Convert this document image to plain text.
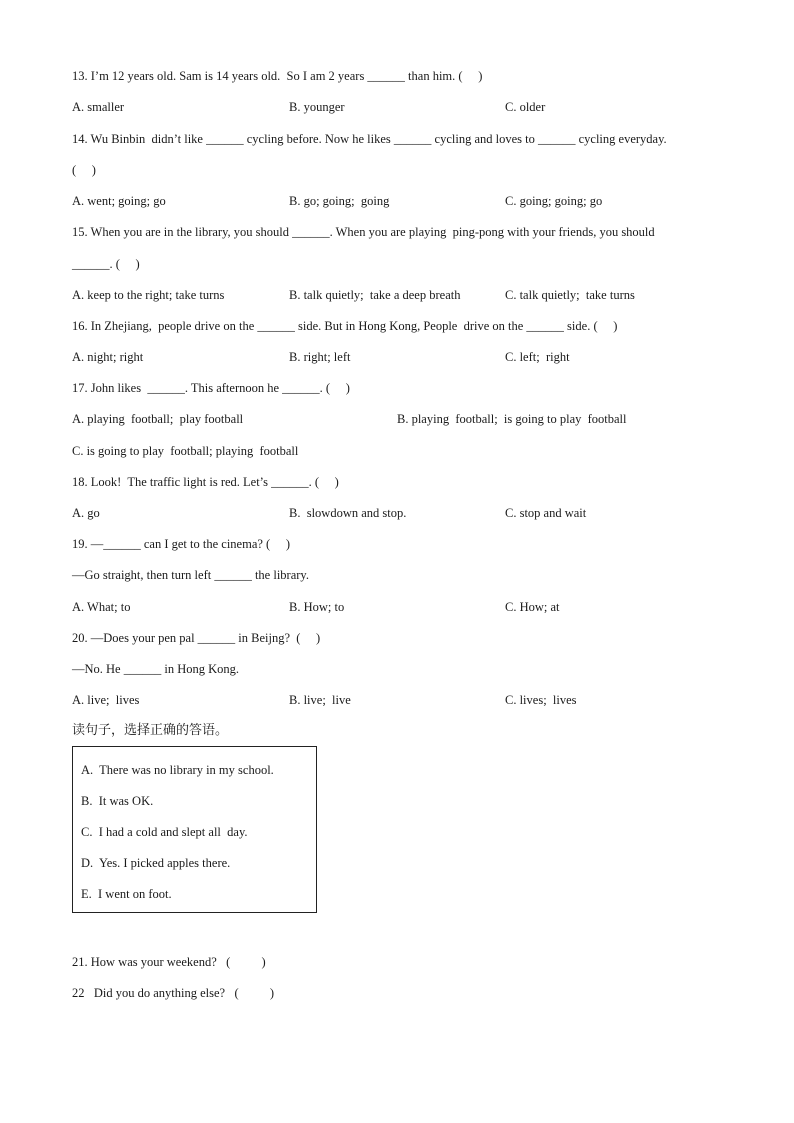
13. I’m 12 years old. Sam is 14 years old.  So I am 2 years ______ than him. (     )
A. smaller	B. younger	C. older
14. Wu Binbin  didn’t like ______ cycling before. Now he likes ______ cycling and loves to ______ cycling everyday.
(     )
A. went; going; go	B. go; going;  going	C. going; going; go
15. When you are in the library, you should ______. When you are playing  ping-pong with your friends, you should
______. (     )
A. keep to the right; take turns	B. talk quietly;  take a deep breath	C. talk quietly;  take turns
16. In Zhejiang,  people drive on the ______ side. But in Hong Kong, People  drive on the ______ side. (     )
A. night; right	B. right; left	C. left;  right
17. John likes  ______. This afternoon he ______. (     )
A. playing  football;  play football	B. playing  football;  is going to play  football
C. is going to play  football; playing  football
18. Look!  The traffic light is red. Let’s ______. (     )
A. go	B.  slowdown and stop.	C. stop and wait
19. —______ can I get to the cinema? (     )
—Go straight, then turn left ______ the library.
A. What; to	B. How; to	C. How; at
20. —Does your pen pal ______ in Beijng?  (     )
—No. He ______ in Hong Kong.
A. live;  lives	B. live;  live	C. lives;  lives
读句子，选择正确的答语。
A.  There was no library in my school.
B.  It was OK.
C.  I had a cold and slept all  day.
D.  Yes. I picked apples there.
E.  I went on foot.
21. How was your weekend?   (          )
22   Did you do anything else?   (          )
